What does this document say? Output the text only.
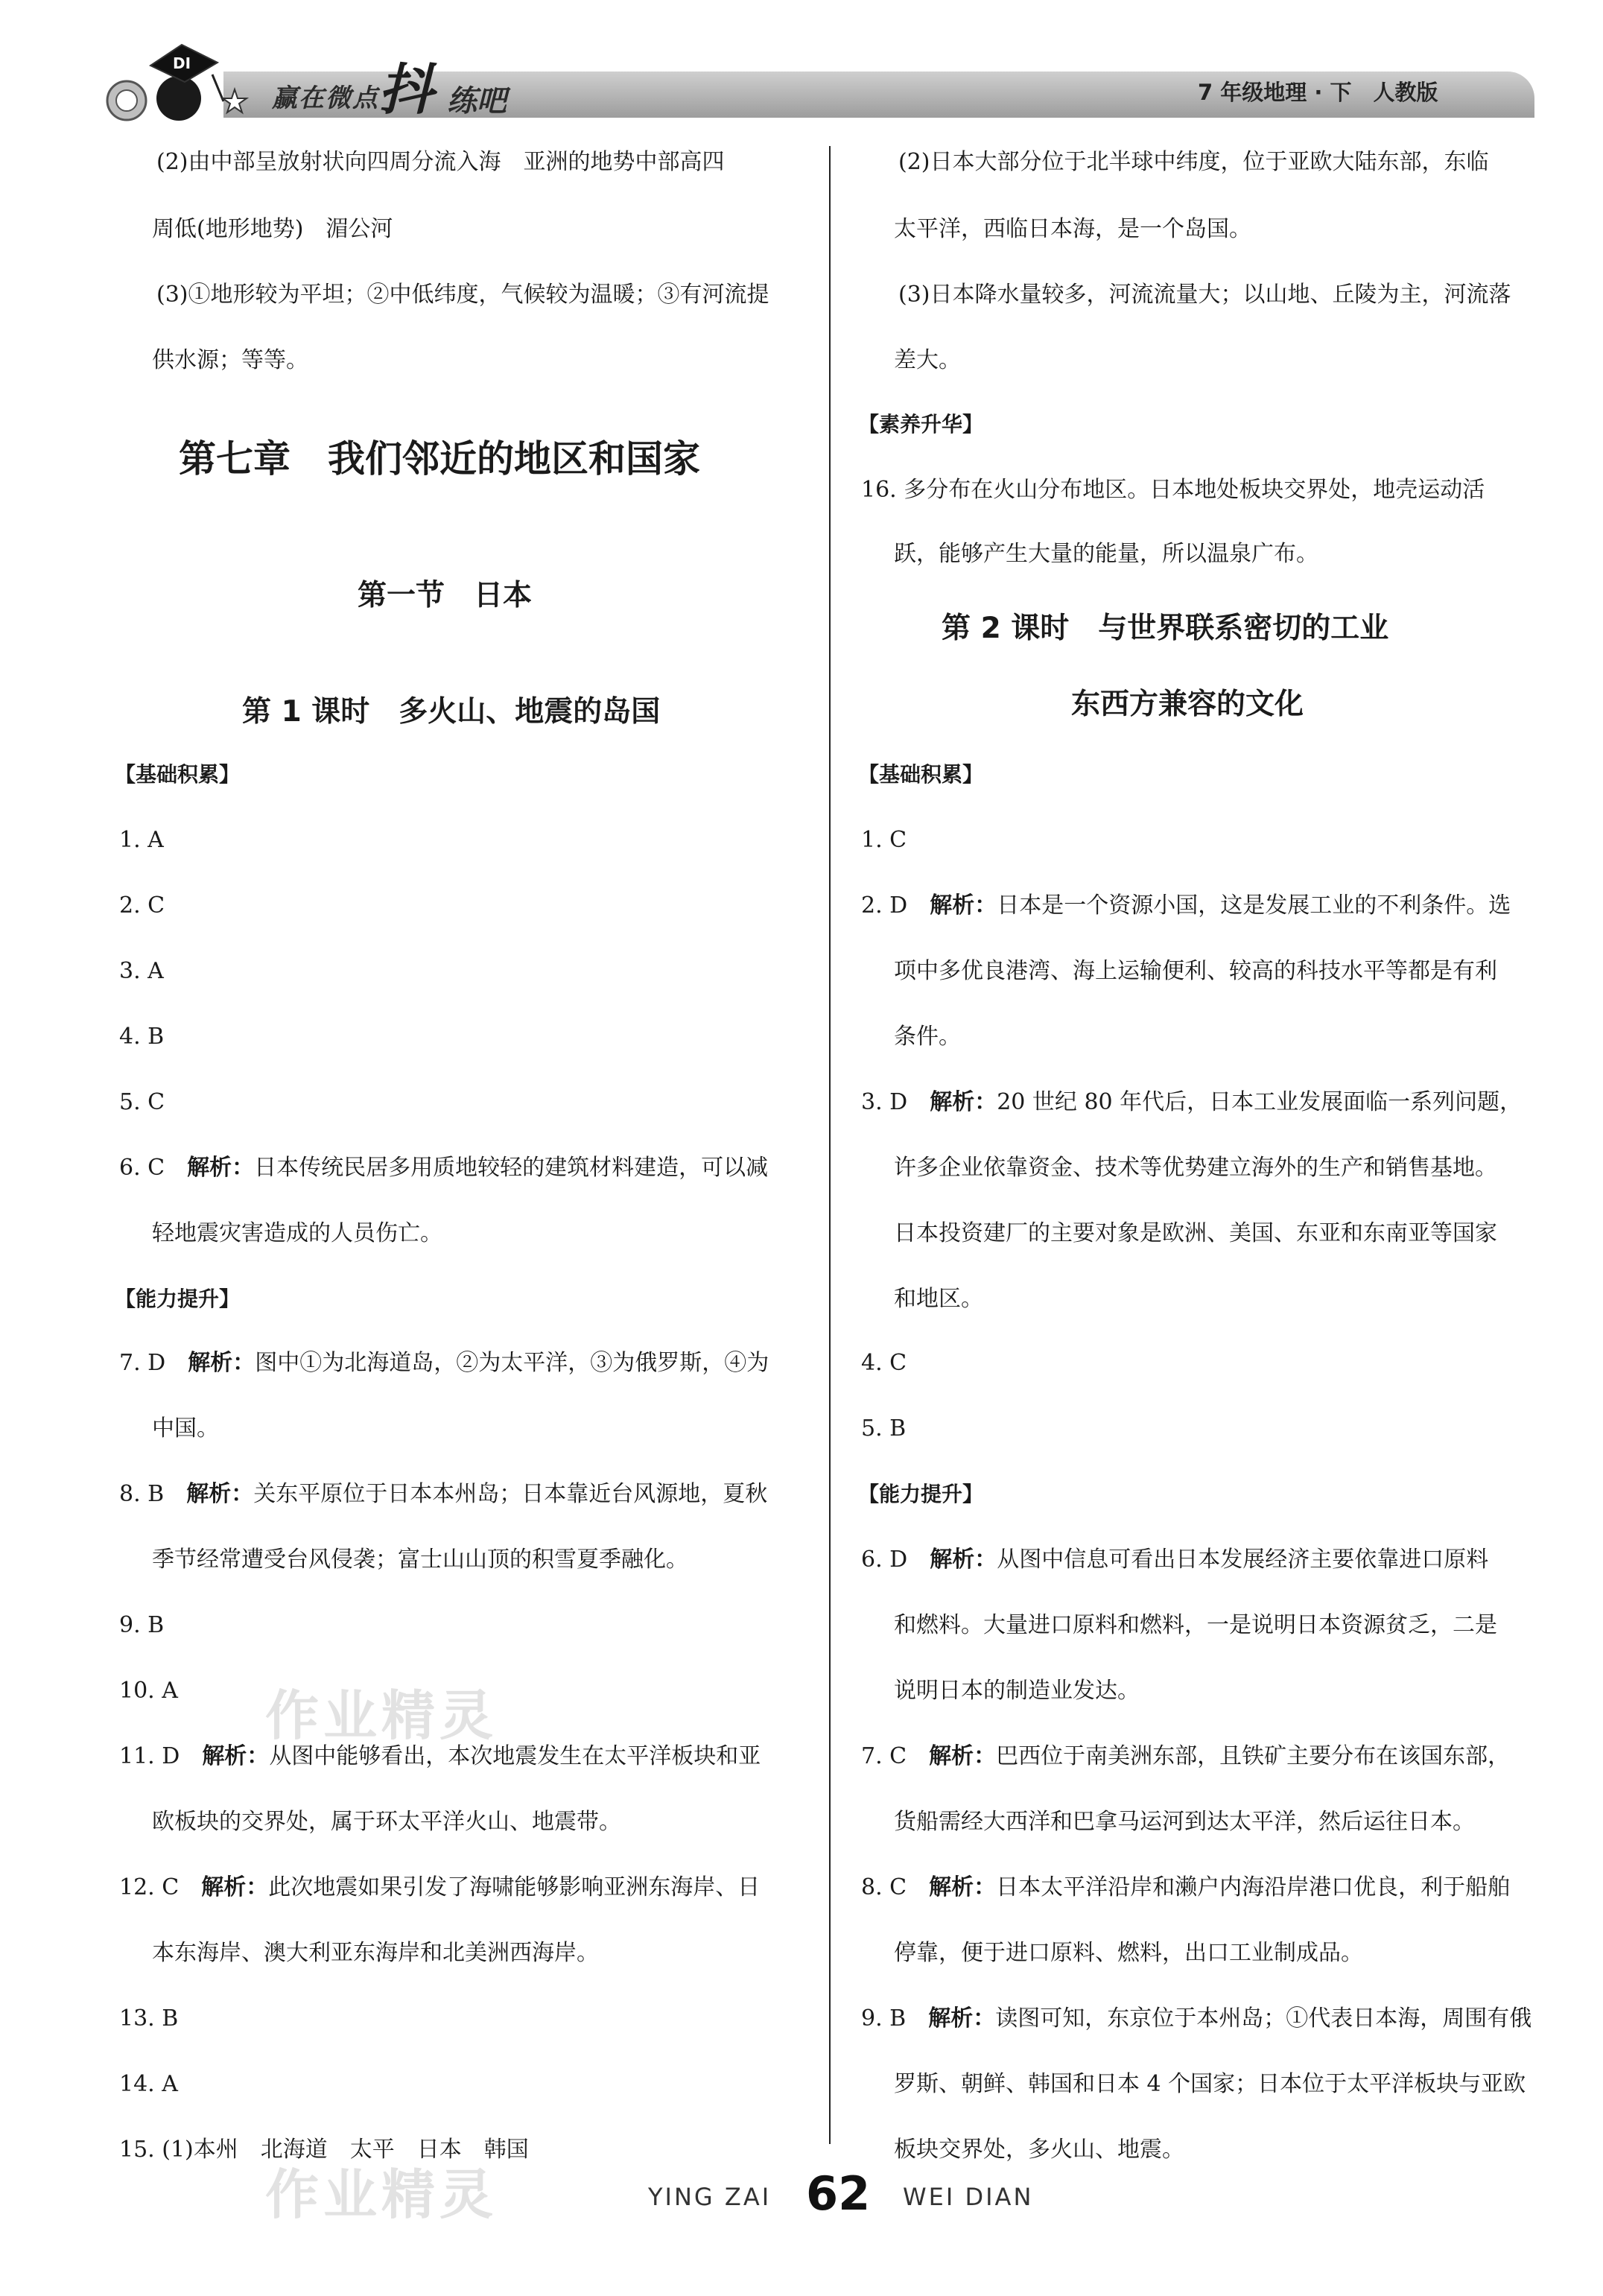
DI
赢在微点 抖 练吧	7 年级地理 · 下　人教版
(2)由中部呈放射状向四周分流入海　亚洲的地势中部高四
周低(地形地势)　湄公河
(3)①地形较为平坦；②中低纬度，气候较为温暖；③有河流提
供水源；等等。
第七章　我们邻近的地区和国家
第一节　日本
第 1 课时　多火山、地震的岛国
【基础积累】
1. A
2. C
3. A
4. B
5. C
6. C　 解析：日本传统民居多用质地较轻的建筑材料建造，可以减
轻地震灾害造成的人员伤亡。
【能力提升】
7. D　 解析：图中①为北海道岛，②为太平洋，③为俄罗斯，④为
中国。
8. B　 解析：关东平原位于日本本州岛；日本靠近台风源地，夏秋
季节经常遭受台风侵袭；富士山山顶的积雪夏季融化。
9. B
10. A
11. D　 解析：从图中能够看出，本次地震发生在太平洋板块和亚
欧板块的交界处，属于环太平洋火山、地震带。
12. C　 解析：此次地震如果引发了海啸能够影响亚洲东海岸、日
本东海岸、澳大利亚东海岸和北美洲西海岸。
13. B
14. A
15. (1)本州　北海道　太平　日本　韩国
(2)日本大部分位于北半球中纬度，位于亚欧大陆东部，东临
太平洋，西临日本海，是一个岛国。
(3)日本降水量较多，河流流量大；以山地、丘陵为主，河流落
差大。
【素养升华】
16. 多分布在火山分布地区。日本地处板块交界处，地壳运动活
跃，能够产生大量的能量，所以温泉广布。
第 2 课时　与世界联系密切的工业
东西方兼容的文化
【基础积累】
1. C
2. D　 解析：日本是一个资源小国，这是发展工业的不利条件。选
项中多优良港湾、海上运输便利、较高的科技水平等都是有利
条件。
3. D　 解析：20 世纪 80 年代后，日本工业发展面临一系列问题，
许多企业依靠资金、技术等优势建立海外的生产和销售基地。
日本投资建厂的主要对象是欧洲、美国、东亚和东南亚等国家
和地区。
4. C
5. B
【能力提升】
6. D　 解析：从图中信息可看出日本发展经济主要依靠进口原料
和燃料。大量进口原料和燃料，一是说明日本资源贫乏，二是
说明日本的制造业发达。
7. C　 解析：巴西位于南美洲东部，且铁矿主要分布在该国东部，
货船需经大西洋和巴拿马运河到达太平洋，然后运往日本。
8. C　 解析：日本太平洋沿岸和濑户内海沿岸港口优良，利于船舶
停靠，便于进口原料、燃料，出口工业制成品。
9. B　 解析：读图可知，东京位于本州岛；①代表日本海，周围有俄
罗斯、朝鲜、韩国和日本 4 个国家；日本位于太平洋板块与亚欧
板块交界处，多火山、地震。
作业精灵
作业精灵	YING ZAI 62 WEI DIAN
